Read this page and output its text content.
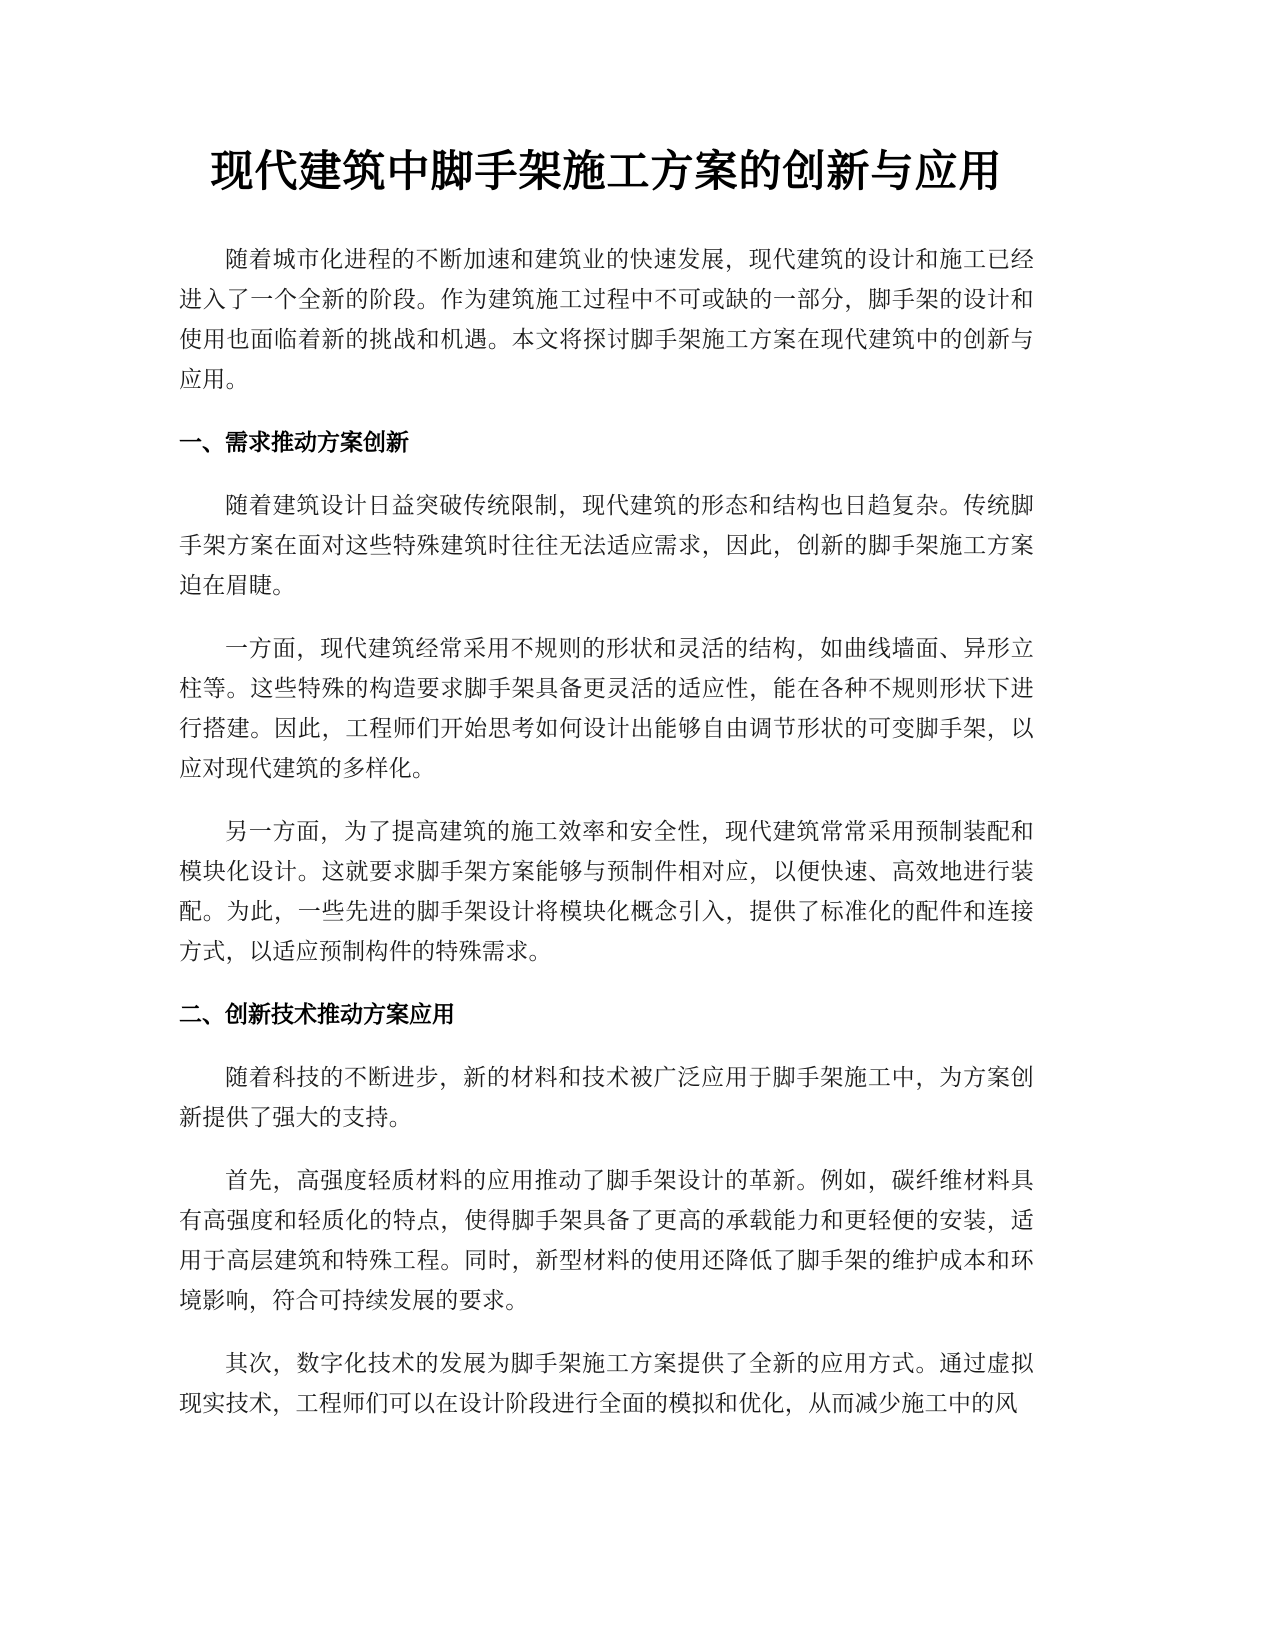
现代建筑中脚手架施工方案的创新与应用

随着城市化进程的不断加速和建筑业的快速发展，现代建筑的设计和施工已经进入了一个全新的阶段。作为建筑施工过程中不可或缺的一部分，脚手架的设计和使用也面临着新的挑战和机遇。本文将探讨脚手架施工方案在现代建筑中的创新与应用。

一、需求推动方案创新

随着建筑设计日益突破传统限制，现代建筑的形态和结构也日趋复杂。传统脚手架方案在面对这些特殊建筑时往往无法适应需求，因此，创新的脚手架施工方案迫在眉睫。

一方面，现代建筑经常采用不规则的形状和灵活的结构，如曲线墙面、异形立柱等。这些特殊的构造要求脚手架具备更灵活的适应性，能在各种不规则形状下进行搭建。因此，工程师们开始思考如何设计出能够自由调节形状的可变脚手架，以应对现代建筑的多样化。

另一方面，为了提高建筑的施工效率和安全性，现代建筑常常采用预制装配和模块化设计。这就要求脚手架方案能够与预制件相对应，以便快速、高效地进行装配。为此，一些先进的脚手架设计将模块化概念引入，提供了标准化的配件和连接方式，以适应预制构件的特殊需求。

二、创新技术推动方案应用

随着科技的不断进步，新的材料和技术被广泛应用于脚手架施工中，为方案创新提供了强大的支持。

首先，高强度轻质材料的应用推动了脚手架设计的革新。例如，碳纤维材料具有高强度和轻质化的特点，使得脚手架具备了更高的承载能力和更轻便的安装，适用于高层建筑和特殊工程。同时，新型材料的使用还降低了脚手架的维护成本和环境影响，符合可持续发展的要求。

其次，数字化技术的发展为脚手架施工方案提供了全新的应用方式。通过虚拟现实技术，工程师们可以在设计阶段进行全面的模拟和优化，从而减少施工中的风
